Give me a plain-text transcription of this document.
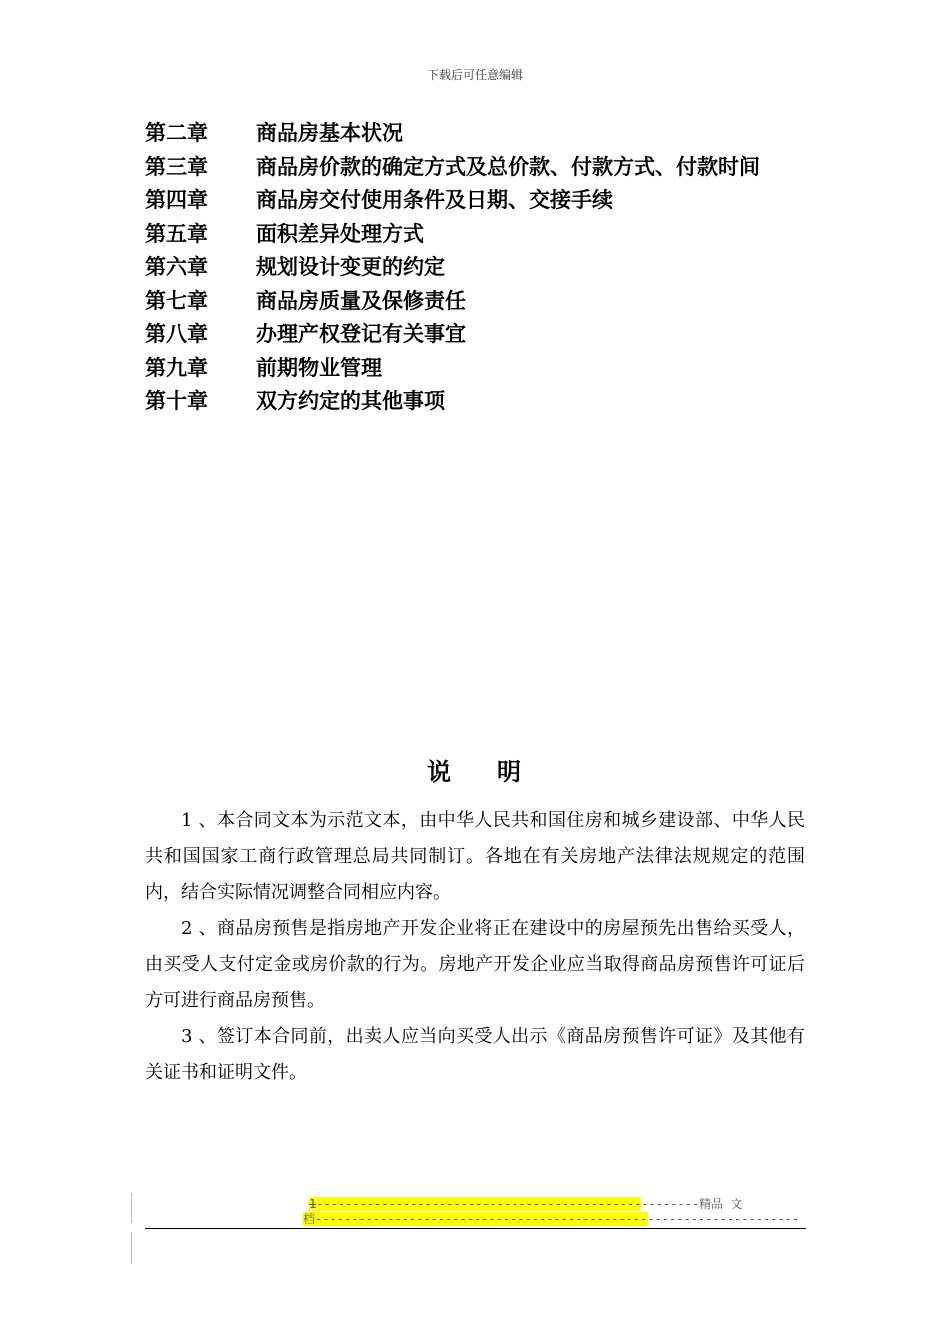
下载后可任意编辑
第二章 商品房基本状况
第三章 商品房价款的确定方式及总价款、付款方式、付款时间
第四章 商品房交付使用条件及日期、交接手续
第五章 面积差异处理方式
第六章 规划设计变更的约定
第七章 商品房质量及保修责任
第八章 办理产权登记有关事宜
第九章 前期物业管理
第十章 双方约定的其他事项
说 明

1 、本合同文本为示范文本，由中华人民共和国住房和城乡建设部、中华人民共和国国家工商行政管理总局共同制订。各地在有关房地产法律法规规定的范围内，结合实际情况调整合同相应内容。

2 、商品房预售是指房地产开发企业将正在建设中的房屋预先出售给买受人，由买受人支付定金或房价款的行为。房地产开发企业应当取得商品房预售许可证后方可进行商品房预售。

3 、签订本合同前，出卖人应当向买受人出示《商品房预售许可证》及其他有关证书和证明文件。

1-----------------------------------------------------精品 文
档-------------------------------------------------------------------
